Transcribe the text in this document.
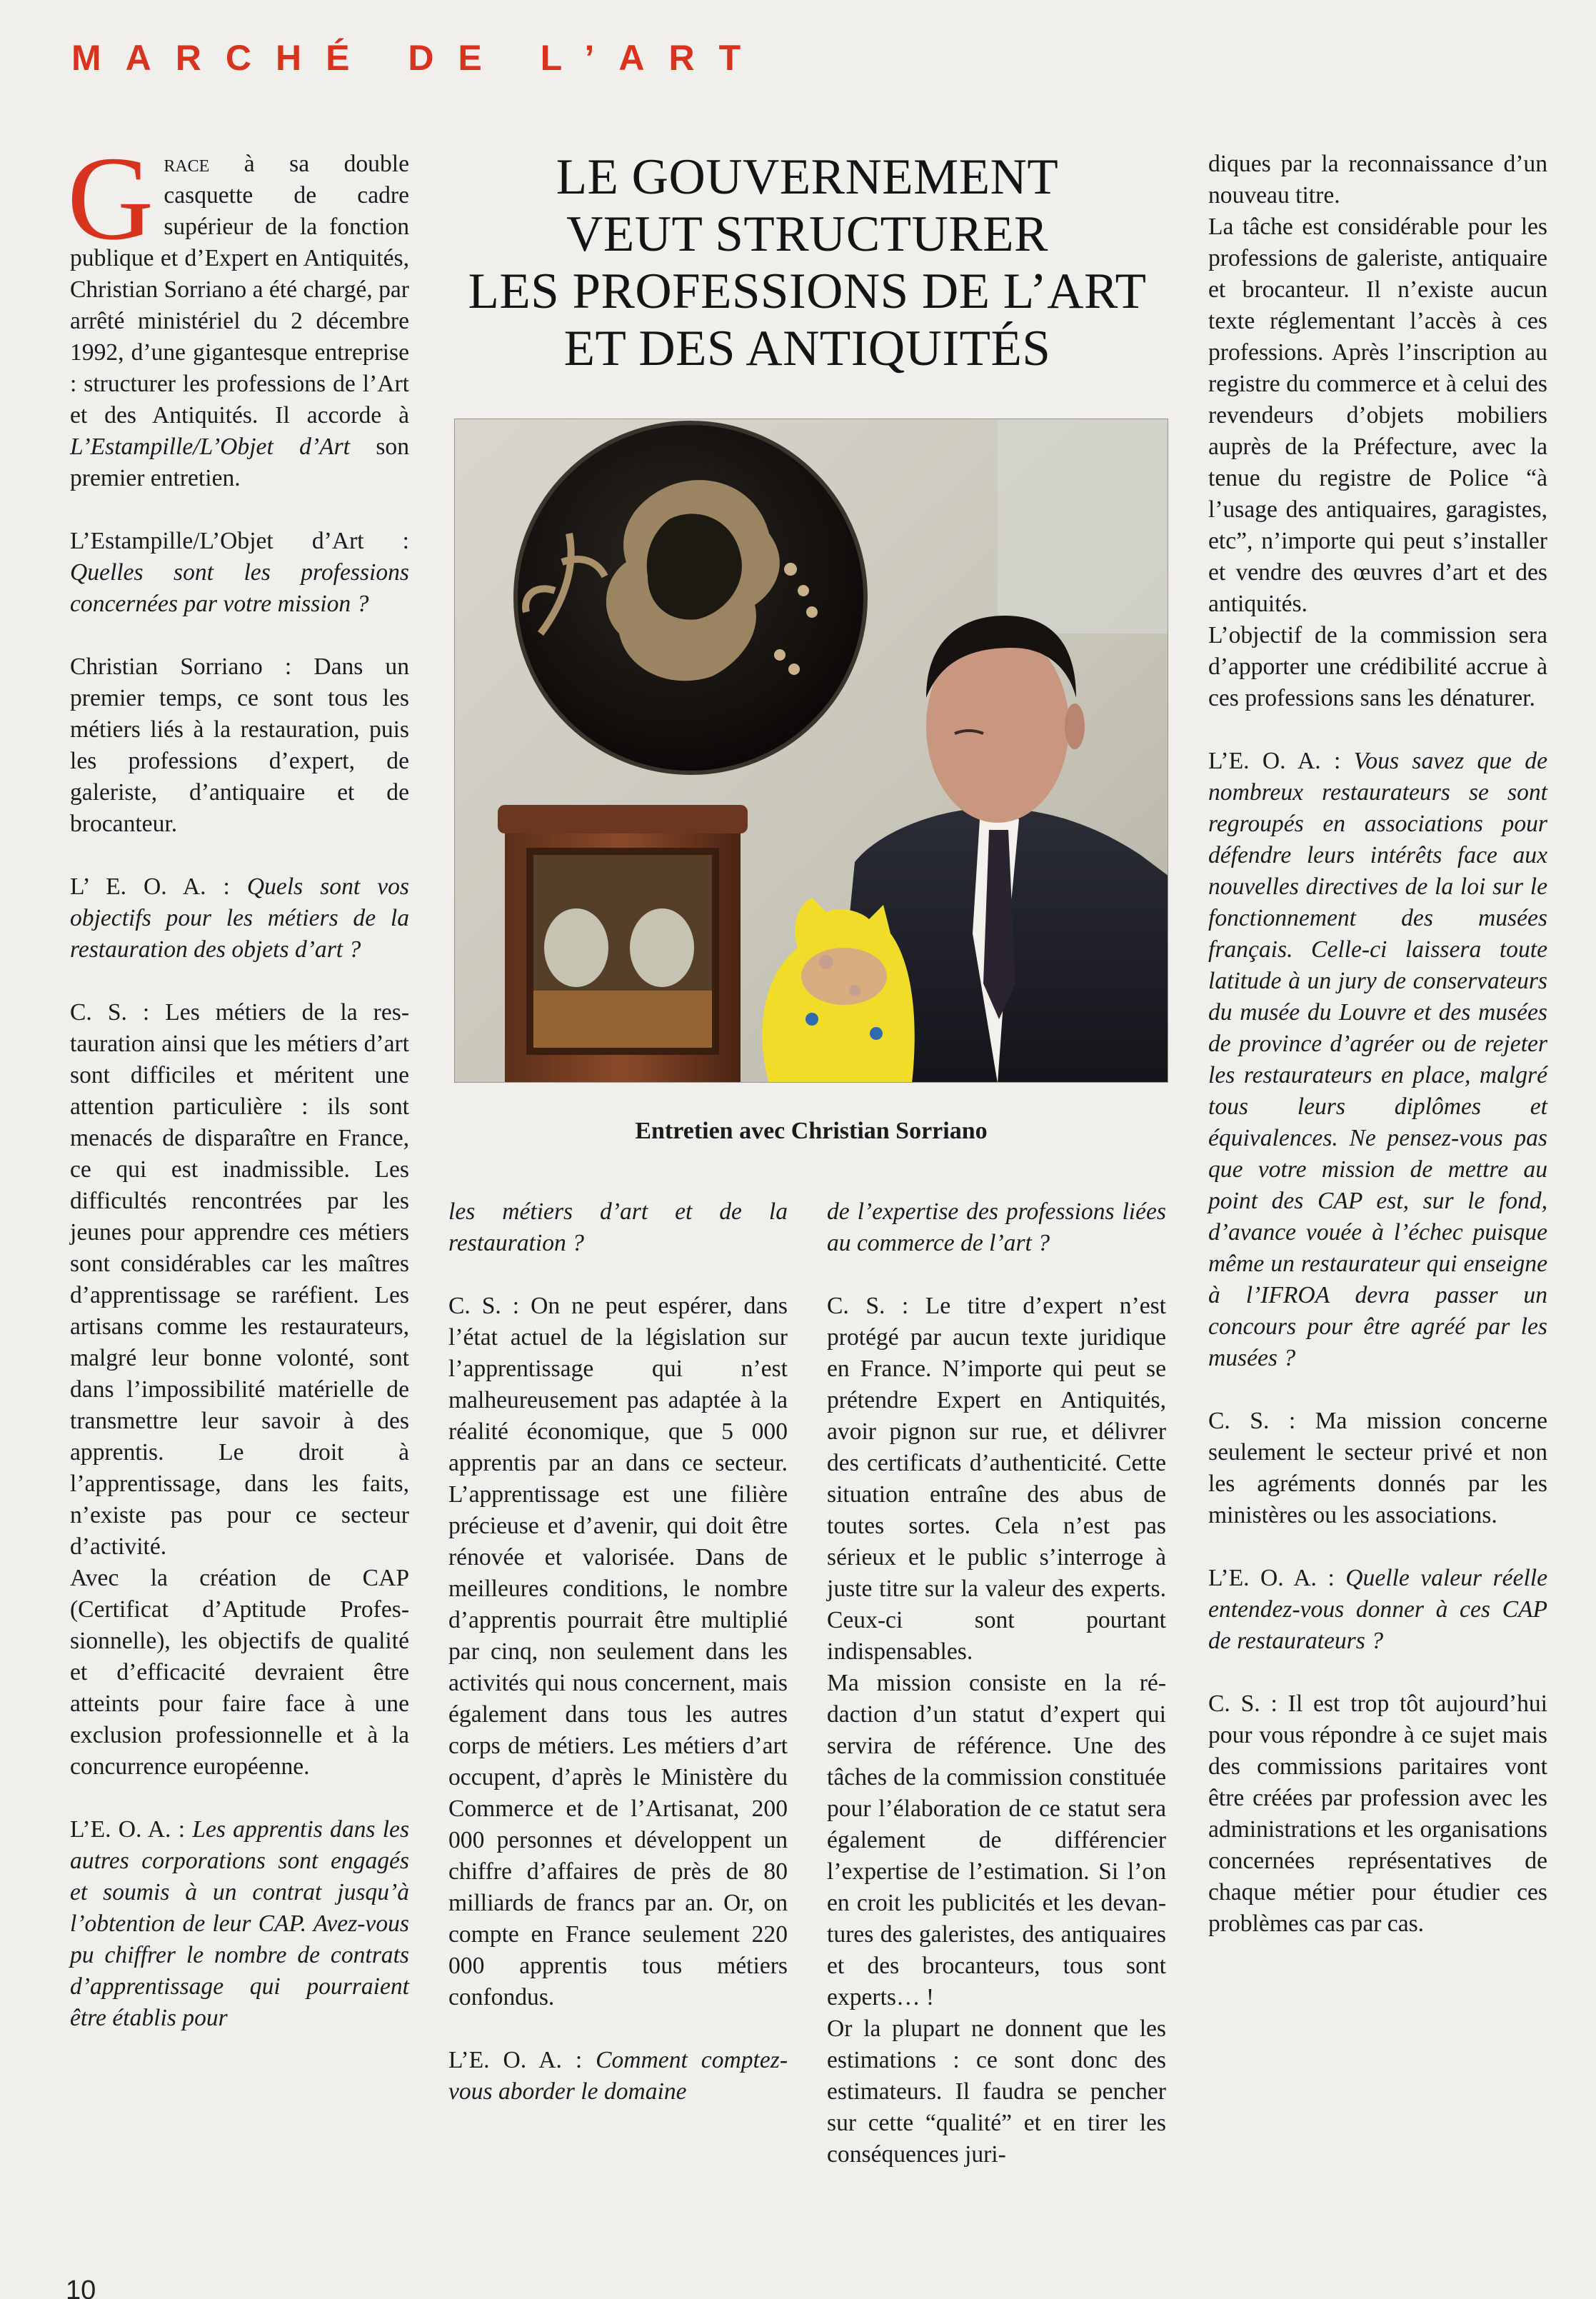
MARCHÉ DE L’ART
LE GOUVERNEMENT
VEUT STRUCTURER
LES PROFESSIONS DE L’ART
ET DES ANTIQUITÉS

Grace à sa double casquette de cadre supérieur de la fonction publique et d’Expert en Antiquités, Christian Sorriano a été chargé, par arrêté ministériel du 2 décembre 1992, d’une gigantesque entreprise : structurer les professions de l’Art et des Antiquités. Il accorde à L’Estampille/L’Objet d’Art son premier entretien.

L’Estampille/L’Objet d’Art : Quelles sont les professions concernées par votre mission ?

Christian Sorriano : Dans un premier temps, ce sont tous les métiers liés à la restauration, puis les professions d’expert, de galeriste, d’antiquaire et de brocanteur.

L’ E. O. A. : Quels sont vos objectifs pour les métiers de la restauration des objets d’art ?

C. S. : Les métiers de la restauration ainsi que les métiers d’art sont difficiles et méritent une attention particulière : ils sont menacés de disparaître en France, ce qui est inadmissible. Les difficultés rencontrées par les jeunes pour apprendre ces métiers sont considérables car les maîtres d’apprentissage se raréfient. Les artisans comme les restaurateurs, malgré leur bonne volonté, sont dans l’impossibilité matérielle de transmettre leur savoir à des apprentis. Le droit à l’apprentissage, dans les faits, n’existe pas pour ce secteur d’activité.

Avec la création de CAP (Certificat d’Aptitude Professionnelle), les objectifs de qualité et d’efficacité devraient être atteints pour faire face à une exclusion professionnelle et à la concurrence européenne.

L’E. O. A. : Les apprentis dans les autres corporations sont engagés et soumis à un contrat jusqu’à l’obtention de leur CAP. Avez-vous pu chiffrer le nombre de contrats d’apprentissage qui pourraient être établis pour

Entretien avec Christian Sorriano

les métiers d’art et de la restauration ?

C. S. : On ne peut espérer, dans l’état actuel de la législation sur l’apprentissage qui n’est malheureusement pas adaptée à la réalité économique, que 5 000 apprentis par an dans ce secteur. L’apprentissage est une filière précieuse et d’avenir, qui doit être rénovée et valorisée. Dans de meilleures conditions, le nombre d’apprentis pourrait être multiplié par cinq, non seulement dans les activités qui nous concernent, mais également dans tous les autres corps de métiers. Les métiers d’art occupent, d’après le Ministère du Commerce et de l’Artisanat, 200 000 personnes et développent un chiffre d’affaires de près de 80 milliards de francs par an. Or, on compte en France seulement 220 000 apprentis tous métiers confondus.

L’E. O. A. : Comment comptez-vous aborder le domaine

de l’expertise des professions liées au commerce de l’art ?

C. S. : Le titre d’expert n’est protégé par aucun texte juridique en France. N’importe qui peut se prétendre Expert en Antiquités, avoir pignon sur rue, et délivrer des certificats d’authenticité. Cette situation entraîne des abus de toutes sortes. Cela n’est pas sérieux et le public s’interroge à juste titre sur la valeur des experts. Ceux-ci sont pourtant indispensables.

Ma mission consiste en la rédaction d’un statut d’expert qui servira de référence. Une des tâches de la commission constituée pour l’élaboration de ce statut sera également de différencier l’expertise de l’estimation. Si l’on en croit les publicités et les devantures des galeristes, des antiquaires et des brocanteurs, tous sont experts… !

Or la plupart ne donnent que les estimations : ce sont donc des estimateurs. Il faudra se pencher sur cette “qualité” et en tirer les conséquences juri-

diques par la reconnaissance d’un nouveau titre.

La tâche est considérable pour les professions de galeriste, antiquaire et brocanteur. Il n’existe aucun texte réglementant l’accès à ces professions. Après l’inscription au registre du commerce et à celui des revendeurs d’objets mobiliers auprès de la Préfecture, avec la tenue du registre de Police “à l’usage des antiquaires, garagistes, etc”, n’importe qui peut s’installer et vendre des œuvres d’art et des antiquités.

L’objectif de la commission sera d’apporter une crédibilité accrue à ces professions sans les dénaturer.

L’E. O. A. : Vous savez que de nombreux restaurateurs se sont regroupés en associations pour défendre leurs intérêts face aux nouvelles directives de la loi sur le fonctionnement des musées français. Celle-ci laissera toute latitude à un jury de conservateurs du musée du Louvre et des musées de province d’agréer ou de rejeter les restaurateurs en place, malgré tous leurs diplômes et équivalences. Ne pensez-vous pas que votre mission de mettre au point des CAP est, sur le fond, d’avance vouée à l’échec puisque même un restaurateur qui enseigne à l’IFROA devra passer un concours pour être agréé par les musées ?

C. S. : Ma mission concerne seulement le secteur privé et non les agréments donnés par les ministères ou les associations.

L’E. O. A. : Quelle valeur réelle entendez-vous donner à ces CAP de restaurateurs ?

C. S. : Il est trop tôt aujourd’hui pour vous répondre à ce sujet mais des commissions paritaires vont être créées par profession avec les administrations et les organisations concernées représentatives de chaque métier pour étudier ces problèmes cas par cas.

10
